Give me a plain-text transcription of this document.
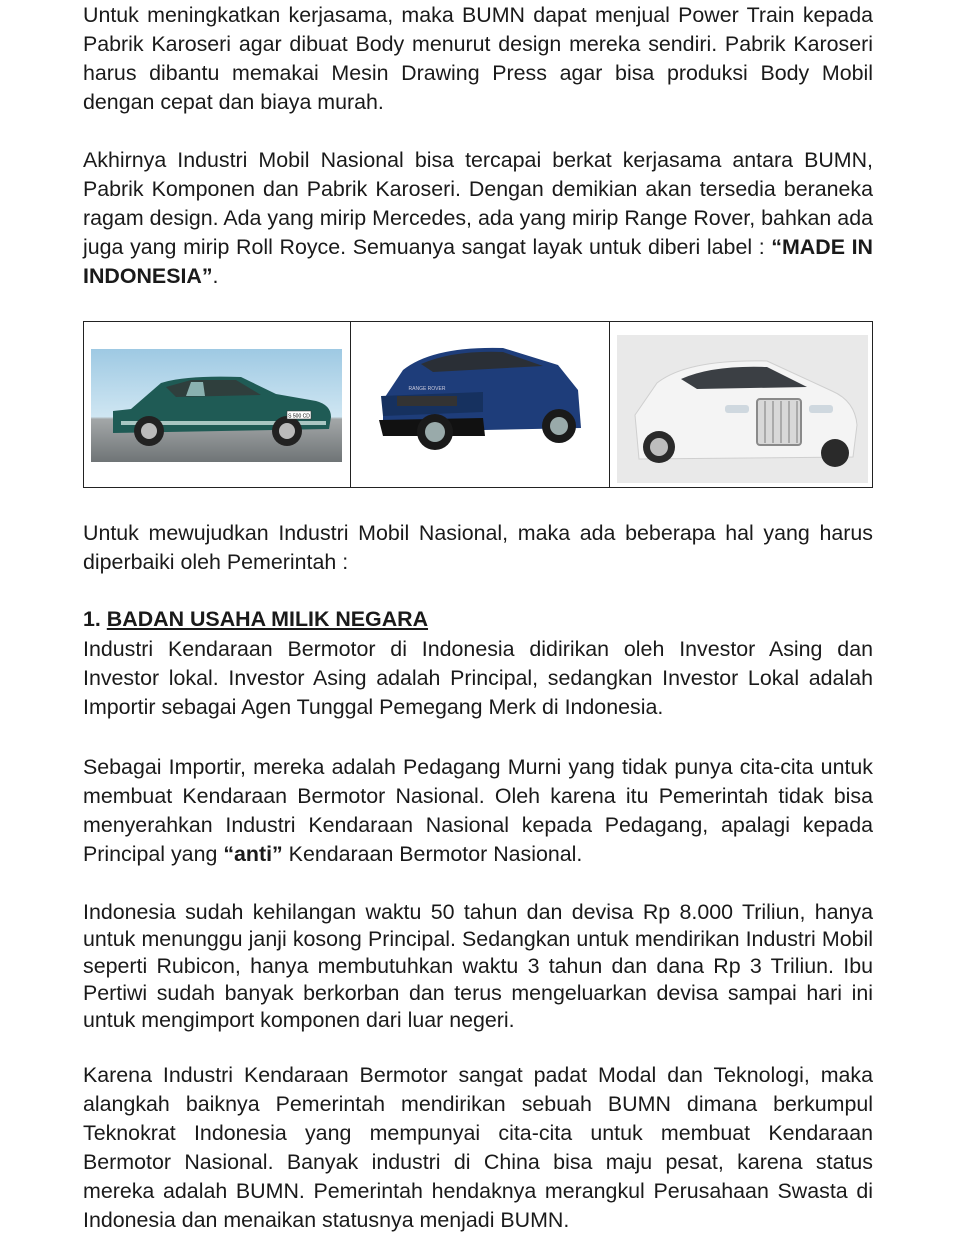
Untuk meningkatkan kerjasama, maka BUMN dapat menjual Power Train kepada Pabrik Karoseri agar dibuat Body menurut design mereka sendiri. Pabrik Karoseri harus dibantu memakai Mesin Drawing Press agar bisa produksi Body Mobil dengan cepat dan biaya murah.

Akhirnya Industri Mobil Nasional bisa tercapai berkat kerjasama antara BUMN, Pabrik Komponen dan Pabrik Karoseri. Dengan demikian akan tersedia beraneka ragam design. Ada yang mirip Mercedes, ada yang mirip Range Rover, bahkan ada juga yang mirip Roll Royce. Semuanya sangat layak untuk diberi label : “MADE IN INDONESIA”.

S 500 CD
RANGE ROVER

Untuk mewujudkan Industri Mobil Nasional, maka ada beberapa hal yang harus diperbaiki oleh Pemerintah :

1. BADAN USAHA MILIK NEGARA

Industri Kendaraan Bermotor di Indonesia didirikan oleh Investor Asing dan Investor lokal. Investor Asing adalah Principal, sedangkan Investor Lokal adalah Importir sebagai Agen Tunggal Pemegang Merk di Indonesia.

Sebagai Importir, mereka adalah Pedagang Murni yang tidak punya cita-cita untuk membuat Kendaraan Bermotor Nasional. Oleh karena itu Pemerintah tidak bisa menyerahkan Industri Kendaraan Nasional kepada Pedagang, apalagi kepada Principal yang “anti” Kendaraan Bermotor Nasional.

Indonesia sudah kehilangan waktu 50 tahun dan devisa Rp 8.000 Triliun, hanya untuk menunggu janji kosong Principal. Sedangkan untuk mendirikan Industri Mobil seperti Rubicon, hanya membutuhkan waktu 3 tahun dan dana Rp 3 Triliun. Ibu Pertiwi sudah banyak berkorban dan terus mengeluarkan devisa sampai hari ini untuk mengimport komponen dari luar negeri.

Karena Industri Kendaraan Bermotor sangat padat Modal dan Teknologi, maka alangkah baiknya Pemerintah mendirikan sebuah BUMN dimana berkumpul Teknokrat Indonesia yang mempunyai cita-cita untuk membuat Kendaraan Bermotor Nasional. Banyak industri di China bisa maju pesat, karena status mereka adalah BUMN. Pemerintah hendaknya merangkul Perusahaan Swasta di Indonesia dan menaikan statusnya menjadi BUMN.
